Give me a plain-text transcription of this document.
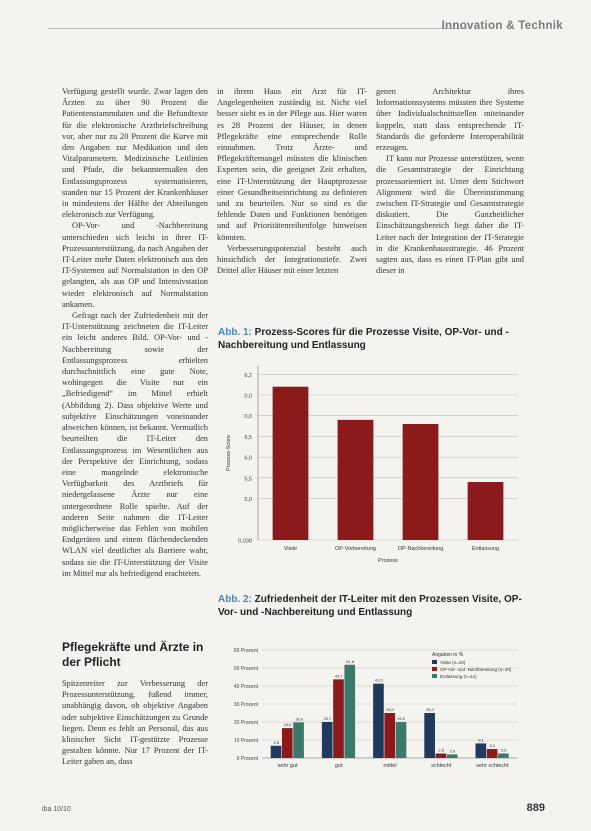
Innovation & Technik

Verfügung gestellt wurde. Zwar lagen den Ärzten zu über 90 Prozent die Patientenstammdaten und die Befundtexte für die elektronische Arztbriefschreibung vor, aber nur zu 20 Prozent die Kurve mit den Angaben zur Medikation und den Vitalparametern. Medizinische Leitlinien und Pfade, die bekanntermaßen den Entlassungsprozess systematisieren, standen nur 15 Prozent der Krankenhäuser in mindestens der Hälfte der Abteilungen elektronisch zur Verfügung.

OP-Vor- und -Nachbereitung unterschieden sich leicht in ihrer IT-Prozessunterstützung, da nach Angaben der IT-Leiter mehr Daten elektronisch aus den IT-Systemen auf Normalstation in den OP gelangten, als aus OP und Intensivstation wieder elektronisch auf Normalstation ankamen.

Gefragt nach der Zufriedenheit mit der IT-Unterstützung zeichneten die IT-Leiter ein leicht anderes Bild. OP-Vor- und -Nachbereitung sowie der Entlassungsprozess erhielten durchschnittlich eine gute Note, wohingegen die Visite nur ein „Befriedigend“ im Mittel erhielt (Abbildung 2). Dass objektive Werte und subjektive Einschätzungen voneinander abweichen können, ist bekannt. Vermutlich beurteilten die IT-Leiter den Entlassungsprozess im Wesentlichen aus der Perspektive der Einrichtung, sodass eine mangelnde elektronische Verfügbarkeit des Arztbriefs für niedergelassene Ärzte nur eine untergeordnete Rolle spielte. Auf der anderen Seite nahmen die IT-Leiter möglicherweise das Fehlen von mobilen Endgeräten und einem flächendeckenden WLAN viel deutlicher als Barriere wahr, sodass sie die IT-Unterstützung der Visite im Mittel nur als befriedigend erachteten.

Pflegekräfte und Ärzte in der Pflicht

Spitzenreiter zur Verbesserung der Prozessunterstützung, fußend immer, unabhängig davon, ob objektive Angaben oder subjektive Einschätzungen zu Grunde liegen. Denn es fehlt an Personal, das aus klinischer Sicht IT-gestützte Prozesse gestalten könnte. Nur 17 Prozent der IT-Leiter gaben an, dass

in ihrem Haus ein Arzt für IT-Angelegenheiten zuständig ist. Nicht viel besser sieht es in der Pflege aus. Hier waren es 28 Prozent der Häuser, in denen Pflegekräfte eine entsprechende Rolle einnahmen. Trotz Ärzte- und Pflegekräftemangel müssten die klinischen Experten sein, die geeignet Zeit erhalten, eine IT-Unterstützung der Hauptprozesse einer Gesundheitseinrichtung zu definieren und zu beurteilen. Nur so sind es die fehlende Daten und Funktionen benötigen und auf Prioritätenreihenfolge hinweisen könnten.

Verbesserungspotenzial besteht auch hinsichtlich der Integrationstiefe. Zwei Drittel aller Häuser mit einer letzten

genen Architektur ihres Informationssystems müssten ihre Systeme über Individualschnittstellen miteinander koppeln, statt dass entsprechende IT-Standards die geforderte Interoperabilität erzeugen.

IT kann nur Prozesse unterstützen, wenn die Gesamtstrategie der Einrichtung prozessorientiert ist. Unter dem Stichwort Alignment wird die Übereinstimmung zwischen IT-Strategie und Gesamtstrategie diskutiert. Die Ganzheitlicher Einschätzungsbereich liegt daher die IT-Leiter nach der Integration der IT-Strategie in die Krankenhausstrategie. 46 Prozent sagten aus, dass es einen IT-Plan gibt und dieser in

Abb. 1: Prozess-Scores für die Prozesse Visite, OP-Vor- und -Nachbereitung und Entlassung
0,030
5,0
5,5
6,0
6,5
0,0
0,0
6,2
Visite	OP-Vorbereitung	OP-Nachbereitung	Entlassung
Prozess
Prozess-Score
Abb. 2: Zufriedenheit der IT-Leiter mit den Prozessen Visite, OP-Vor- und -Nachbereitung und Entlassung
0 Prozent
10 Prozent
20 Prozent
30 Prozent
40 Prozent
50 Prozent
60 Prozent
6.8
16,6
19,8
sehr gut
20,7
43,7
51,8
gut
41,3
25,0
20,0
mittel
25,0
2,5 2,0
schlecht
8,1
5,0
2,5
sehr schlecht
Angaben in %
Visite (n=43)
OP-Vor- und -Nachbereitung (n=40)
Entlassung (n=41)
iba 10/10	889
